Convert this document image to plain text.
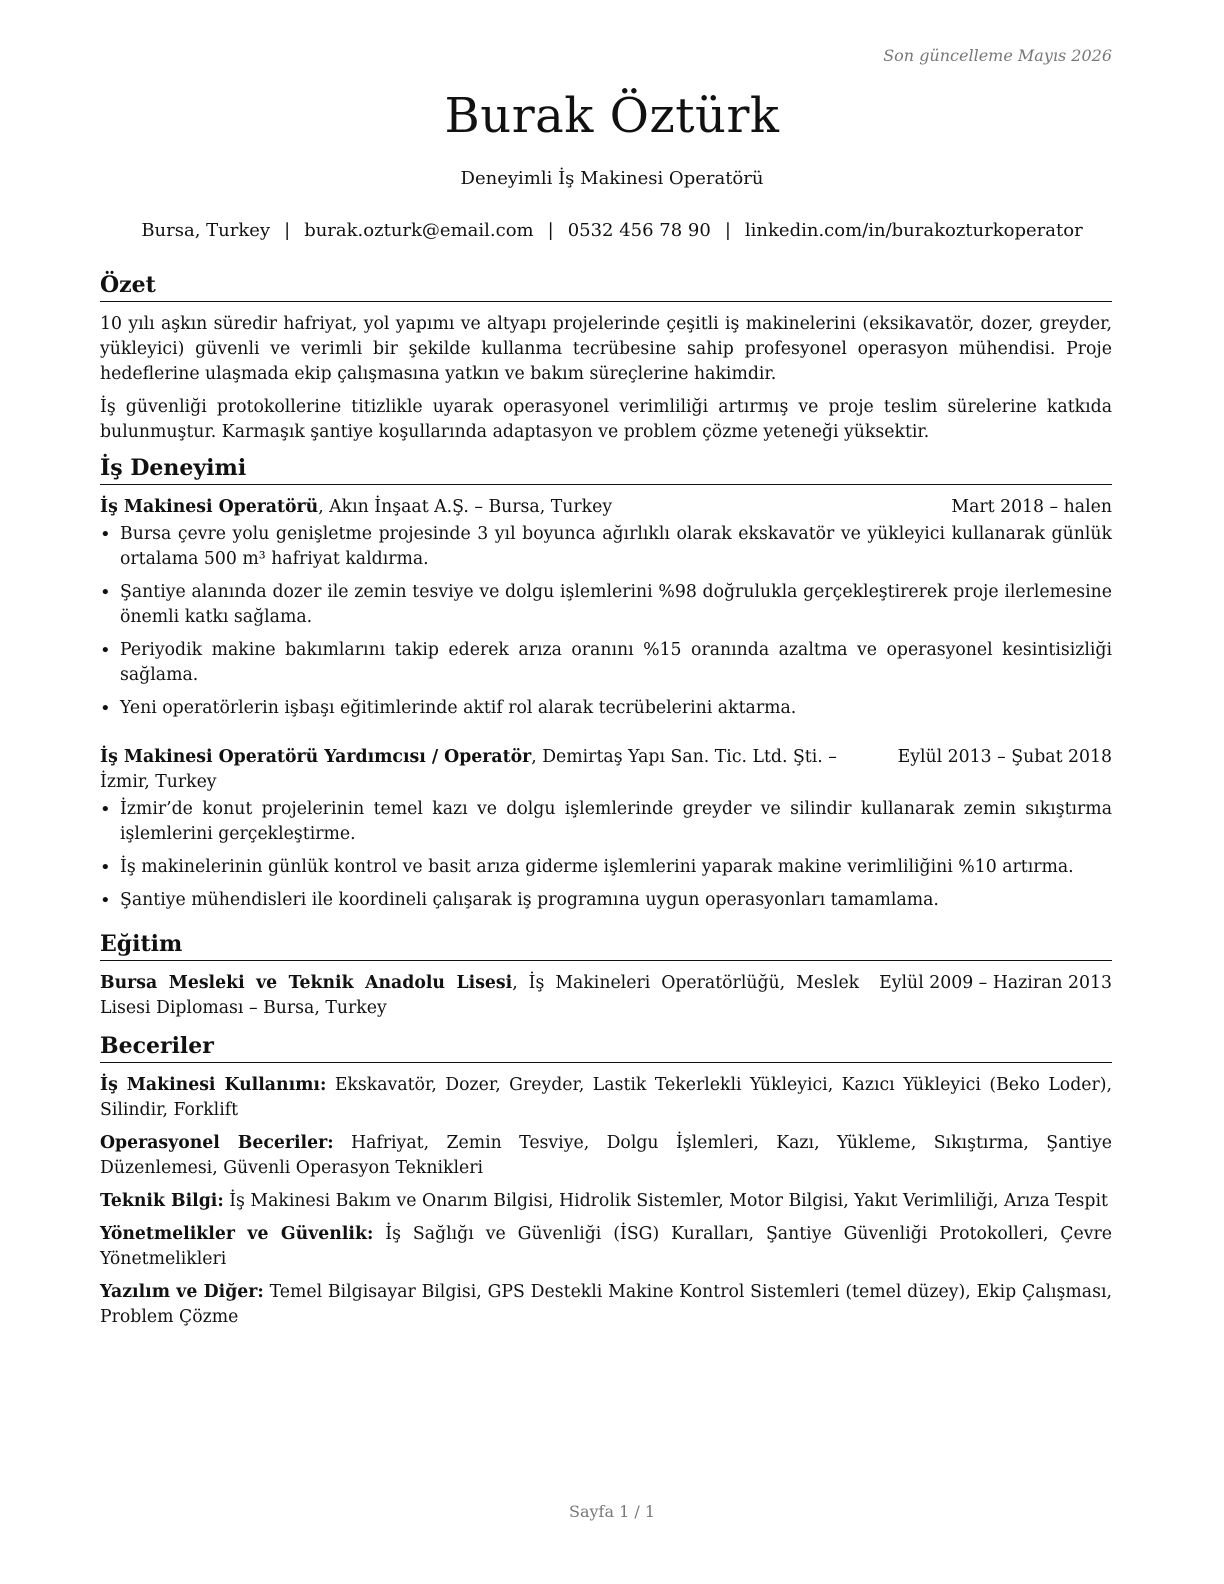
Son güncelleme Mayıs 2026
Burak Öztürk
Deneyimli İş Makinesi Operatörü
Bursa, Turkey | burak.ozturk@email.com | 0532 456 78 90 | linkedin.com/in/burakozturkoperator
Özet

10 yılı aşkın süredir hafriyat, yol yapımı ve altyapı projelerinde çeşitli iş makinelerini (eksikavatör, dozer, greyder, yükleyici) güvenli ve verimli bir şekilde kullanma tecrübesine sahip profesyonel operasyon mühendisi. Proje hedeflerine ulaşmada ekip çalışmasına yatkın ve bakım süreçlerine hakimdir.

İş güvenliği protokollerine titizlikle uyarak operasyonel verimliliği artırmış ve proje teslim sürelerine katkıda bulunmuştur. Karmaşık şantiye koşullarında adaptasyon ve problem çözme yeteneği yüksektir.

İş Deneyimi
İş Makinesi Operatörü, Akın İnşaat A.Ş. – Bursa, Turkey	Mart 2018 – halen
• Bursa çevre yolu genişletme projesinde 3 yıl boyunca ağırlıklı olarak ekskavatör ve yükleyici kullanarak günlük ortalama 500 m³ hafriyat kaldırma.
• Şantiye alanında dozer ile zemin tesviye ve dolgu işlemlerini %98 doğrulukla gerçekleştirerek proje ilerlemesine önemli katkı sağlama.
• Periyodik makine bakımlarını takip ederek arıza oranını %15 oranında azaltma ve operasyonel kesintisizliği sağlama.
• Yeni operatörlerin işbaşı eğitimlerinde aktif rol alarak tecrübelerini aktarma.
İş Makinesi Operatörü Yardımcısı / Operatör, Demirtaş Yapı San. Tic. Ltd. Şti. – İzmir, Turkey
Eylül 2013 – Şubat 2018
• İzmir’de konut projelerinin temel kazı ve dolgu işlemlerinde greyder ve silindir kullanarak zemin sıkıştırma işlemlerini gerçekleştirme.
• İş makinelerinin günlük kontrol ve basit arıza giderme işlemlerini yaparak makine verimliliğini %10 artırma.
• Şantiye mühendisleri ile koordineli çalışarak iş programına uygun operasyonları tamamlama.
Eğitim
Bursa Mesleki ve Teknik Anadolu Lisesi, İş Makineleri Operatörlüğü, Meslek Lisesi Diploması – Bursa, Turkey
Eylül 2009 – Haziran 2013
Beceriler
İş Makinesi Kullanımı: Ekskavatör, Dozer, Greyder, Lastik Tekerlekli Yükleyici, Kazıcı Yükleyici (Beko Loder), Silindir, Forklift
Operasyonel Beceriler: Hafriyat, Zemin Tesviye, Dolgu İşlemleri, Kazı, Yükleme, Sıkıştırma, Şantiye Düzenlemesi, Güvenli Operasyon Teknikleri
Teknik Bilgi: İş Makinesi Bakım ve Onarım Bilgisi, Hidrolik Sistemler, Motor Bilgisi, Yakıt Verimliliği, Arıza Tespit
Yönetmelikler ve Güvenlik: İş Sağlığı ve Güvenliği (İSG) Kuralları, Şantiye Güvenliği Protokolleri, Çevre Yönetmelikleri
Yazılım ve Diğer: Temel Bilgisayar Bilgisi, GPS Destekli Makine Kontrol Sistemleri (temel düzey), Ekip Çalışması, Problem Çözme
Sayfa 1 / 1
